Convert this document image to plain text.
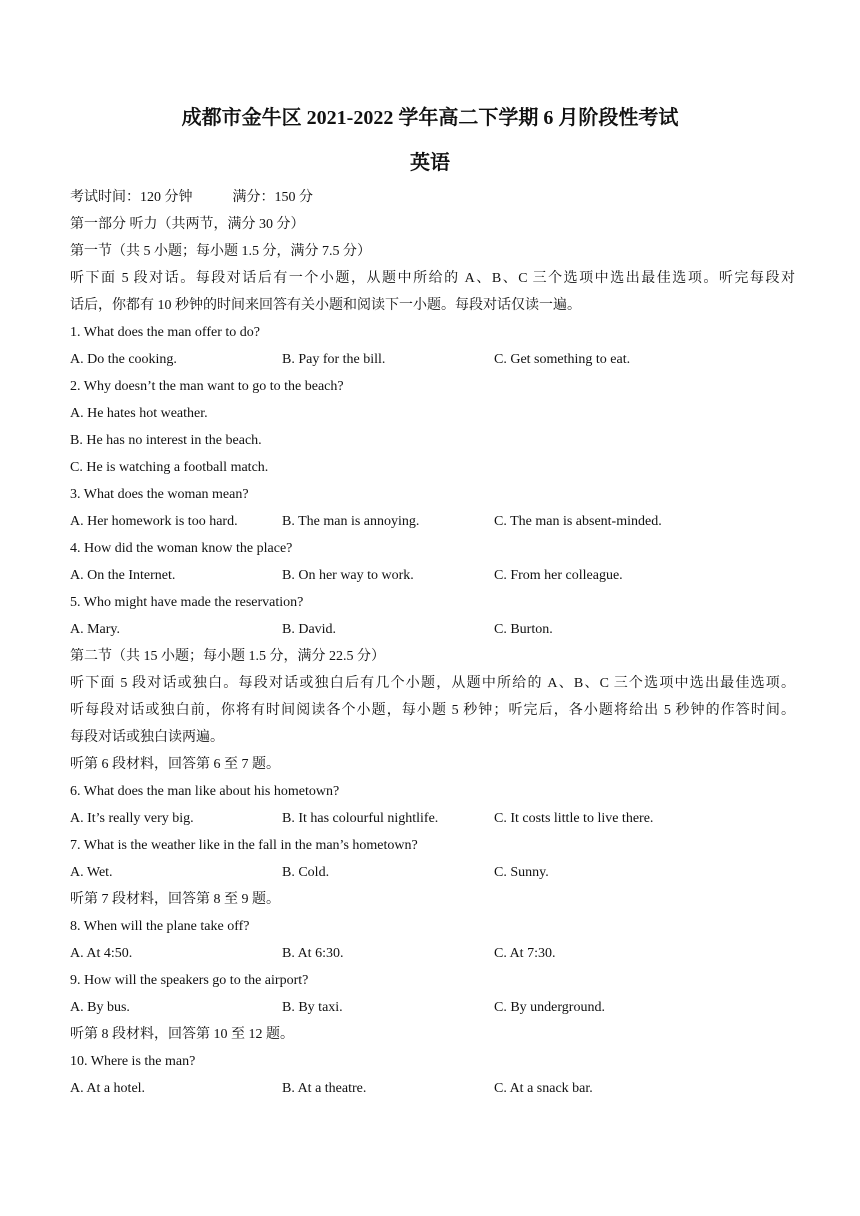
成都市金牛区 2021-2022 学年高二下学期 6 月阶段性考试
英语
考试时间：120 分钟	满分：150 分
第一部分 听力（共两节，满分 30 分）
第一节（共 5 小题；每小题 1.5 分，满分 7.5 分）
听下面 5 段对话。每段对话后有一个小题，从题中所给的 A、B、C 三个选项中选出最佳选项。听完每段对
话后，你都有 10 秒钟的时间来回答有关小题和阅读下一小题。每段对话仅读一遍。
1. What does the man offer to do?
A. Do the cooking.	B. Pay for the bill.	C. Get something to eat.
2. Why doesn’t the man want to go to the beach?
A. He hates hot weather.
B. He has no interest in the beach.
C. He is watching a football match.
3. What does the woman mean?
A. Her homework is too hard.	B. The man is annoying.	C. The man is absent-minded.
4. How did the woman know the place?
A. On the Internet.	B. On her way to work.	C. From her colleague.
5. Who might have made the reservation?
A. Mary.	B. David.	C. Burton.
第二节（共 15 小题；每小题 1.5 分，满分 22.5 分）
听下面 5 段对话或独白。每段对话或独白后有几个小题，从题中所给的 A、B、C 三个选项中选出最佳选项。
听每段对话或独白前，你将有时间阅读各个小题，每小题 5 秒钟；听完后，各小题将给出 5 秒钟的作答时间。
每段对话或独白读两遍。
听第 6 段材料，回答第 6 至 7 题。
6. What does the man like about his hometown?
A. It’s really very big.	B. It has colourful nightlife.	C. It costs little to live there.
7. What is the weather like in the fall in the man’s hometown?
A. Wet.	B. Cold.	C. Sunny.
听第 7 段材料，回答第 8 至 9 题。
8. When will the plane take off?
A. At 4:50.	B. At 6:30.	C. At 7:30.
9. How will the speakers go to the airport?
A. By bus.	B. By taxi.	C. By underground.
听第 8 段材料，回答第 10 至 12 题。
10. Where is the man?
A. At a hotel.	B. At a theatre.	C. At a snack bar.
